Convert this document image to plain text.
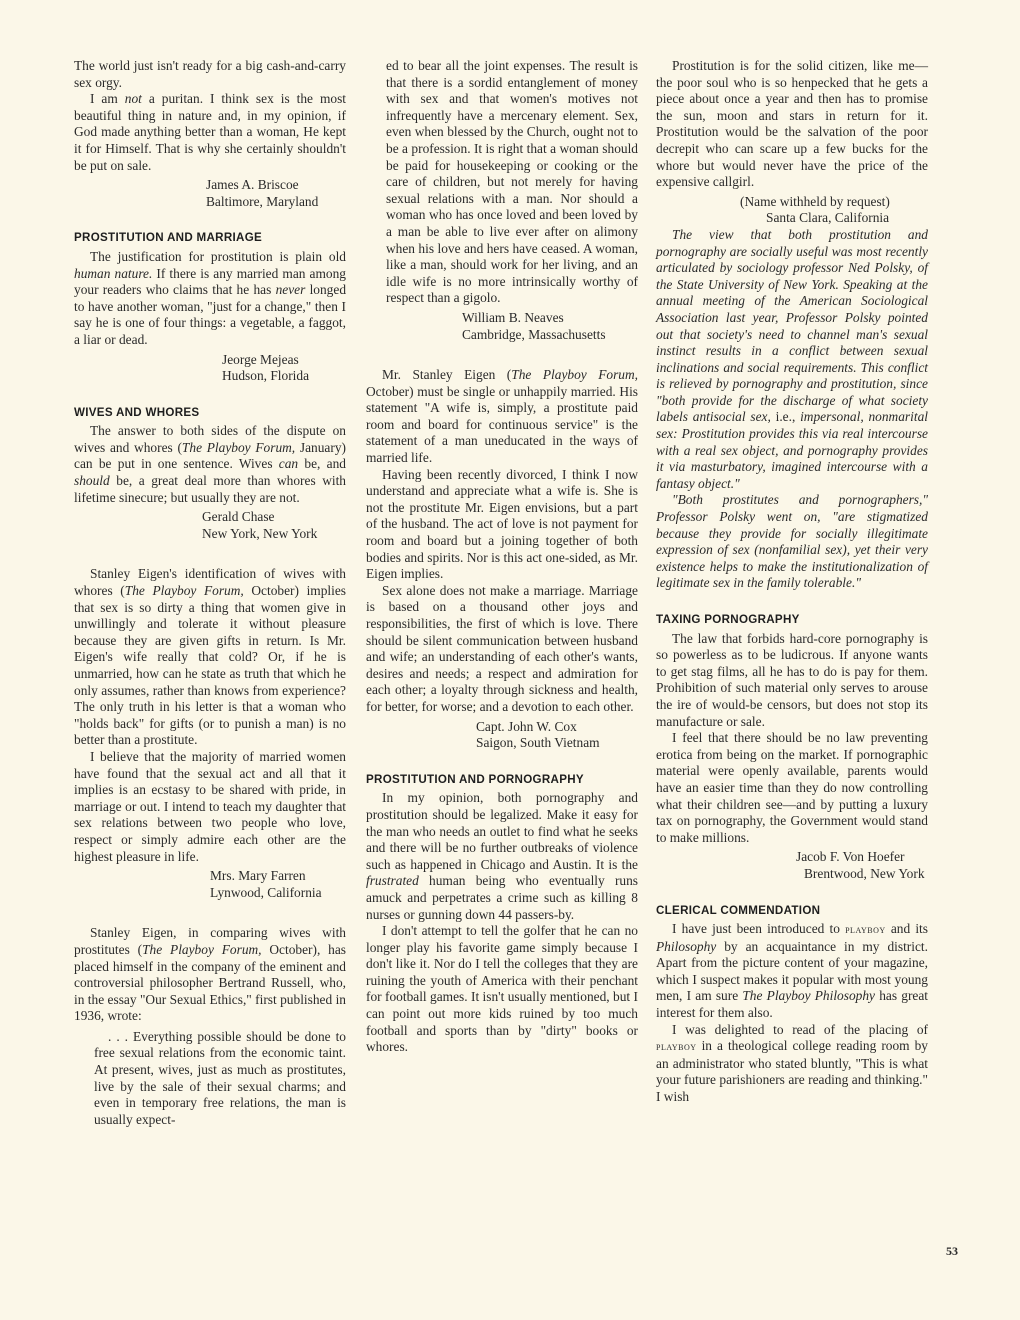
The world just isn't ready for a big cash-and-carry sex orgy.

I am not a puritan. I think sex is the most beautiful thing in nature and, in my opinion, if God made anything better than a woman, He kept it for Himself. That is why she certainly shouldn't be put on sale.

James A. Briscoe
Baltimore, Maryland
PROSTITUTION AND MARRIAGE

The justification for prostitution is plain old human nature. If there is any married man among your readers who claims that he has never longed to have another woman, "just for a change," then I say he is one of four things: a vegetable, a faggot, a liar or dead.

Jeorge Mejeas
Hudson, Florida
WIVES AND WHORES

The answer to both sides of the dispute on wives and whores (The Playboy Forum, January) can be put in one sentence. Wives can be, and should be, a great deal more than whores with lifetime sinecure; but usually they are not.

Gerald Chase
New York, New York

Stanley Eigen's identification of wives with whores (The Playboy Forum, October) implies that sex is so dirty a thing that women give in unwillingly and tolerate it without pleasure because they are given gifts in return. Is Mr. Eigen's wife really that cold? Or, if he is unmarried, how can he state as truth that which he only assumes, rather than knows from experience? The only truth in his letter is that a woman who "holds back" for gifts (or to punish a man) is no better than a prostitute.

I believe that the majority of married women have found that the sexual act and all that it implies is an ecstasy to be shared with pride, in marriage or out. I intend to teach my daughter that sex relations between two people who love, respect or simply admire each other are the highest pleasure in life.

Mrs. Mary Farren
Lynwood, California

Stanley Eigen, in comparing wives with prostitutes (The Playboy Forum, October), has placed himself in the company of the eminent and controversial philosopher Bertrand Russell, who, in the essay "Our Sexual Ethics," first published in 1936, wrote:

. . . Everything possible should be done to free sexual relations from the economic taint. At present, wives, just as much as prostitutes, live by the sale of their sexual charms; and even in temporary free relations, the man is usually expect-

ed to bear all the joint expenses. The result is that there is a sordid entanglement of money with sex and that women's motives not infrequently have a mercenary element. Sex, even when blessed by the Church, ought not to be a profession. It is right that a woman should be paid for housekeeping or cooking or the care of children, but not merely for having sexual relations with a man. Nor should a woman who has once loved and been loved by a man be able to live ever after on alimony when his love and hers have ceased. A woman, like a man, should work for her living, and an idle wife is no more intrinsically worthy of respect than a gigolo.

William B. Neaves
Cambridge, Massachusetts

Mr. Stanley Eigen (The Playboy Forum, October) must be single or unhappily married. His statement "A wife is, simply, a prostitute paid room and board for continuous service" is the statement of a man uneducated in the ways of married life.

Having been recently divorced, I think I now understand and appreciate what a wife is. She is not the prostitute Mr. Eigen envisions, but a part of the husband. The act of love is not payment for room and board but a joining together of both bodies and spirits. Nor is this act one-sided, as Mr. Eigen implies.

Sex alone does not make a marriage. Marriage is based on a thousand other joys and responsibilities, the first of which is love. There should be silent communication between husband and wife; an understanding of each other's wants, desires and needs; a respect and admiration for each other; a loyalty through sickness and health, for better, for worse; and a devotion to each other.

Capt. John W. Cox
Saigon, South Vietnam
PROSTITUTION AND PORNOGRAPHY

In my opinion, both pornography and prostitution should be legalized. Make it easy for the man who needs an outlet to find what he seeks and there will be no further outbreaks of violence such as happened in Chicago and Austin. It is the frustrated human being who eventually runs amuck and perpetrates a crime such as killing 8 nurses or gunning down 44 passers-by.

I don't attempt to tell the golfer that he can no longer play his favorite game simply because I don't like it. Nor do I tell the colleges that they are ruining the youth of America with their penchant for football games. It isn't usually mentioned, but I can point out more kids ruined by too much football and sports than by "dirty" books or whores.

Prostitution is for the solid citizen, like me—the poor soul who is so henpecked that he gets a piece about once a year and then has to promise the sun, moon and stars in return for it. Prostitution would be the salvation of the poor decrepit who can scare up a few bucks for the whore but would never have the price of the expensive callgirl.

(Name withheld by request)
Santa Clara, California

The view that both prostitution and pornography are socially useful was most recently articulated by sociology professor Ned Polsky, of the State University of New York. Speaking at the annual meeting of the American Sociological Association last year, Professor Polsky pointed out that society's need to channel man's sexual instinct results in a conflict between sexual inclinations and social requirements. This conflict is relieved by pornography and prostitution, since "both provide for the discharge of what society labels antisocial sex, i.e., impersonal, nonmarital sex: Prostitution provides this via real intercourse with a real sex object, and pornography provides it via masturbatory, imagined intercourse with a fantasy object."

"Both prostitutes and pornographers," Professor Polsky went on, "are stigmatized because they provide for socially illegitimate expression of sex (nonfamilial sex), yet their very existence helps to make the institutionalization of legitimate sex in the family tolerable."

TAXING PORNOGRAPHY

The law that forbids hard-core pornography is so powerless as to be ludicrous. If anyone wants to get stag films, all he has to do is pay for them. Prohibition of such material only serves to arouse the ire of would-be censors, but does not stop its manufacture or sale.

I feel that there should be no law preventing erotica from being on the market. If pornographic material were openly available, parents would have an easier time than they do now controlling what their children see—and by putting a luxury tax on pornography, the Government would stand to make millions.

Jacob F. Von Hoefer
Brentwood, New York
CLERICAL COMMENDATION

I have just been introduced to playboy and its Philosophy by an acquaintance in my district. Apart from the picture content of your magazine, which I suspect makes it popular with most young men, I am sure The Playboy Philosophy has great interest for them also.

I was delighted to read of the placing of playboy in a theological college reading room by an administrator who stated bluntly, "This is what your future parishioners are reading and thinking." I wish

53
